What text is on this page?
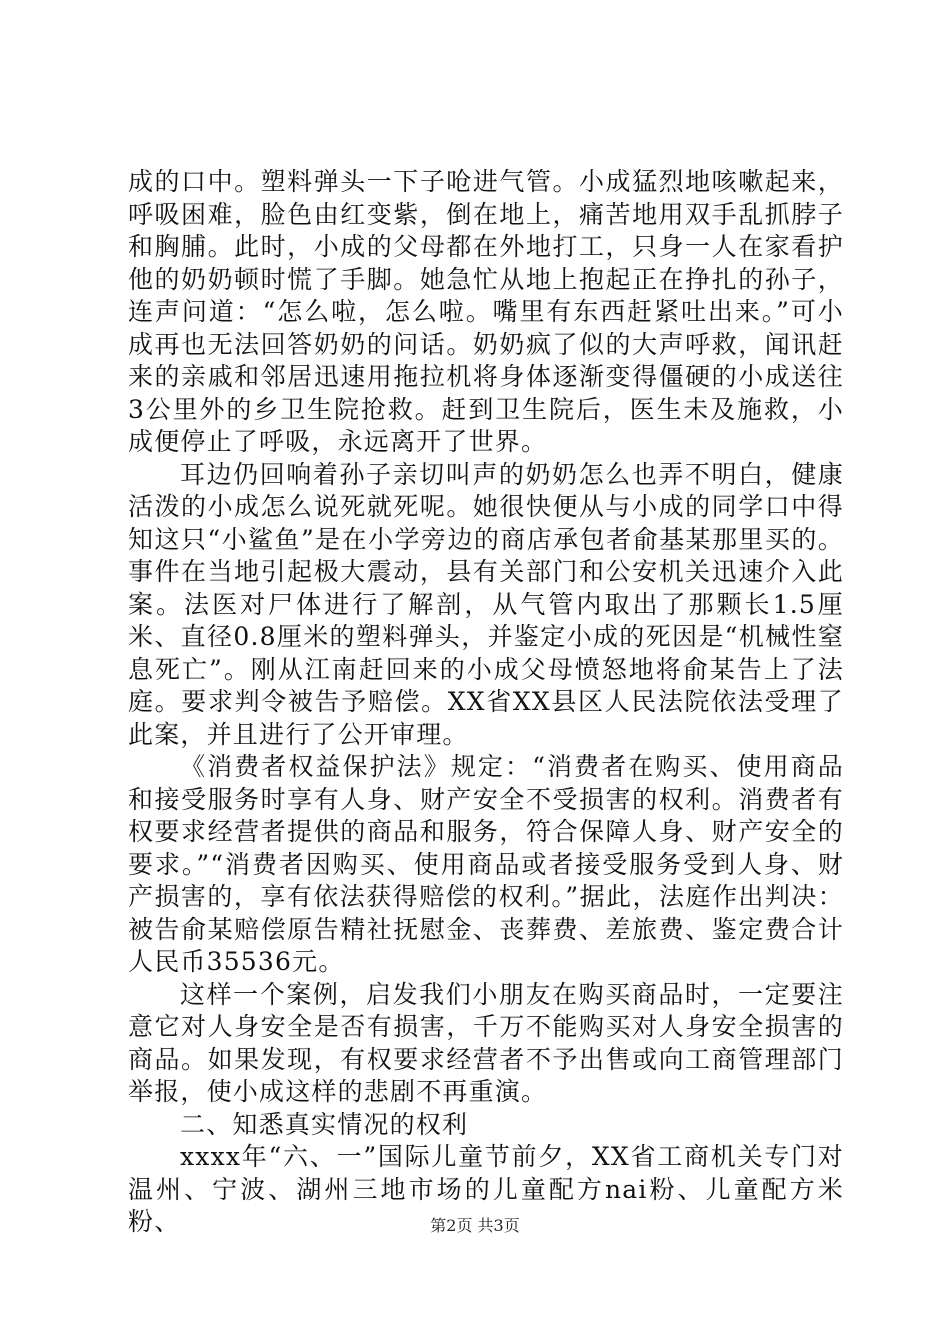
成的口中。塑料弹头一下子呛进气管。小成猛烈地咳嗽起来，呼吸困难，脸色由红变紫，倒在地上，痛苦地用双手乱抓脖子和胸脯。此时，小成的父母都在外地打工，只身一人在家看护他的奶奶顿时慌了手脚。她急忙从地上抱起正在挣扎的孙子，连声问道：“怎么啦，怎么啦。嘴里有东西赶紧吐出来。”可小成再也无法回答奶奶的问话。奶奶疯了似的大声呼救，闻讯赶来的亲戚和邻居迅速用拖拉机将身体逐渐变得僵硬的小成送往3公里外的乡卫生院抢救。赶到卫生院后，医生未及施救，小成便停止了呼吸，永远离开了世界。

耳边仍回响着孙子亲切叫声的奶奶怎么也弄不明白，健康活泼的小成怎么说死就死呢。她很快便从与小成的同学口中得知这只“小鲨鱼”是在小学旁边的商店承包者俞基某那里买的。事件在当地引起极大震动，县有关部门和公安机关迅速介入此案。法医对尸体进行了解剖，从气管内取出了那颗长1.5厘米、直径0.8厘米的塑料弹头，并鉴定小成的死因是“机械性窒息死亡”。刚从江南赶回来的小成父母愤怒地将俞某告上了法庭。要求判令被告予赔偿。XX省XX县区人民法院依法受理了此案，并且进行了公开审理。

《消费者权益保护法》规定：“消费者在购买、使用商品和接受服务时享有人身、财产安全不受损害的权利。消费者有权要求经营者提供的商品和服务，符合保障人身、财产安全的要求。”“消费者因购买、使用商品或者接受服务受到人身、财产损害的，享有依法获得赔偿的权利。”据此，法庭作出判决：被告俞某赔偿原告精社抚慰金、丧葬费、差旅费、鉴定费合计人民币35536元。

这样一个案例，启发我们小朋友在购买商品时，一定要注意它对人身安全是否有损害，千万不能购买对人身安全损害的商品。如果发现，有权要求经营者不予出售或向工商管理部门举报，使小成这样的悲剧不再重演。

二、知悉真实情况的权利

xxxx年“六、一”国际儿童节前夕，XX省工商机关专门对温州、宁波、湖州三地市场的儿童配方nai粉、儿童配方米粉、	第2页 共3页
